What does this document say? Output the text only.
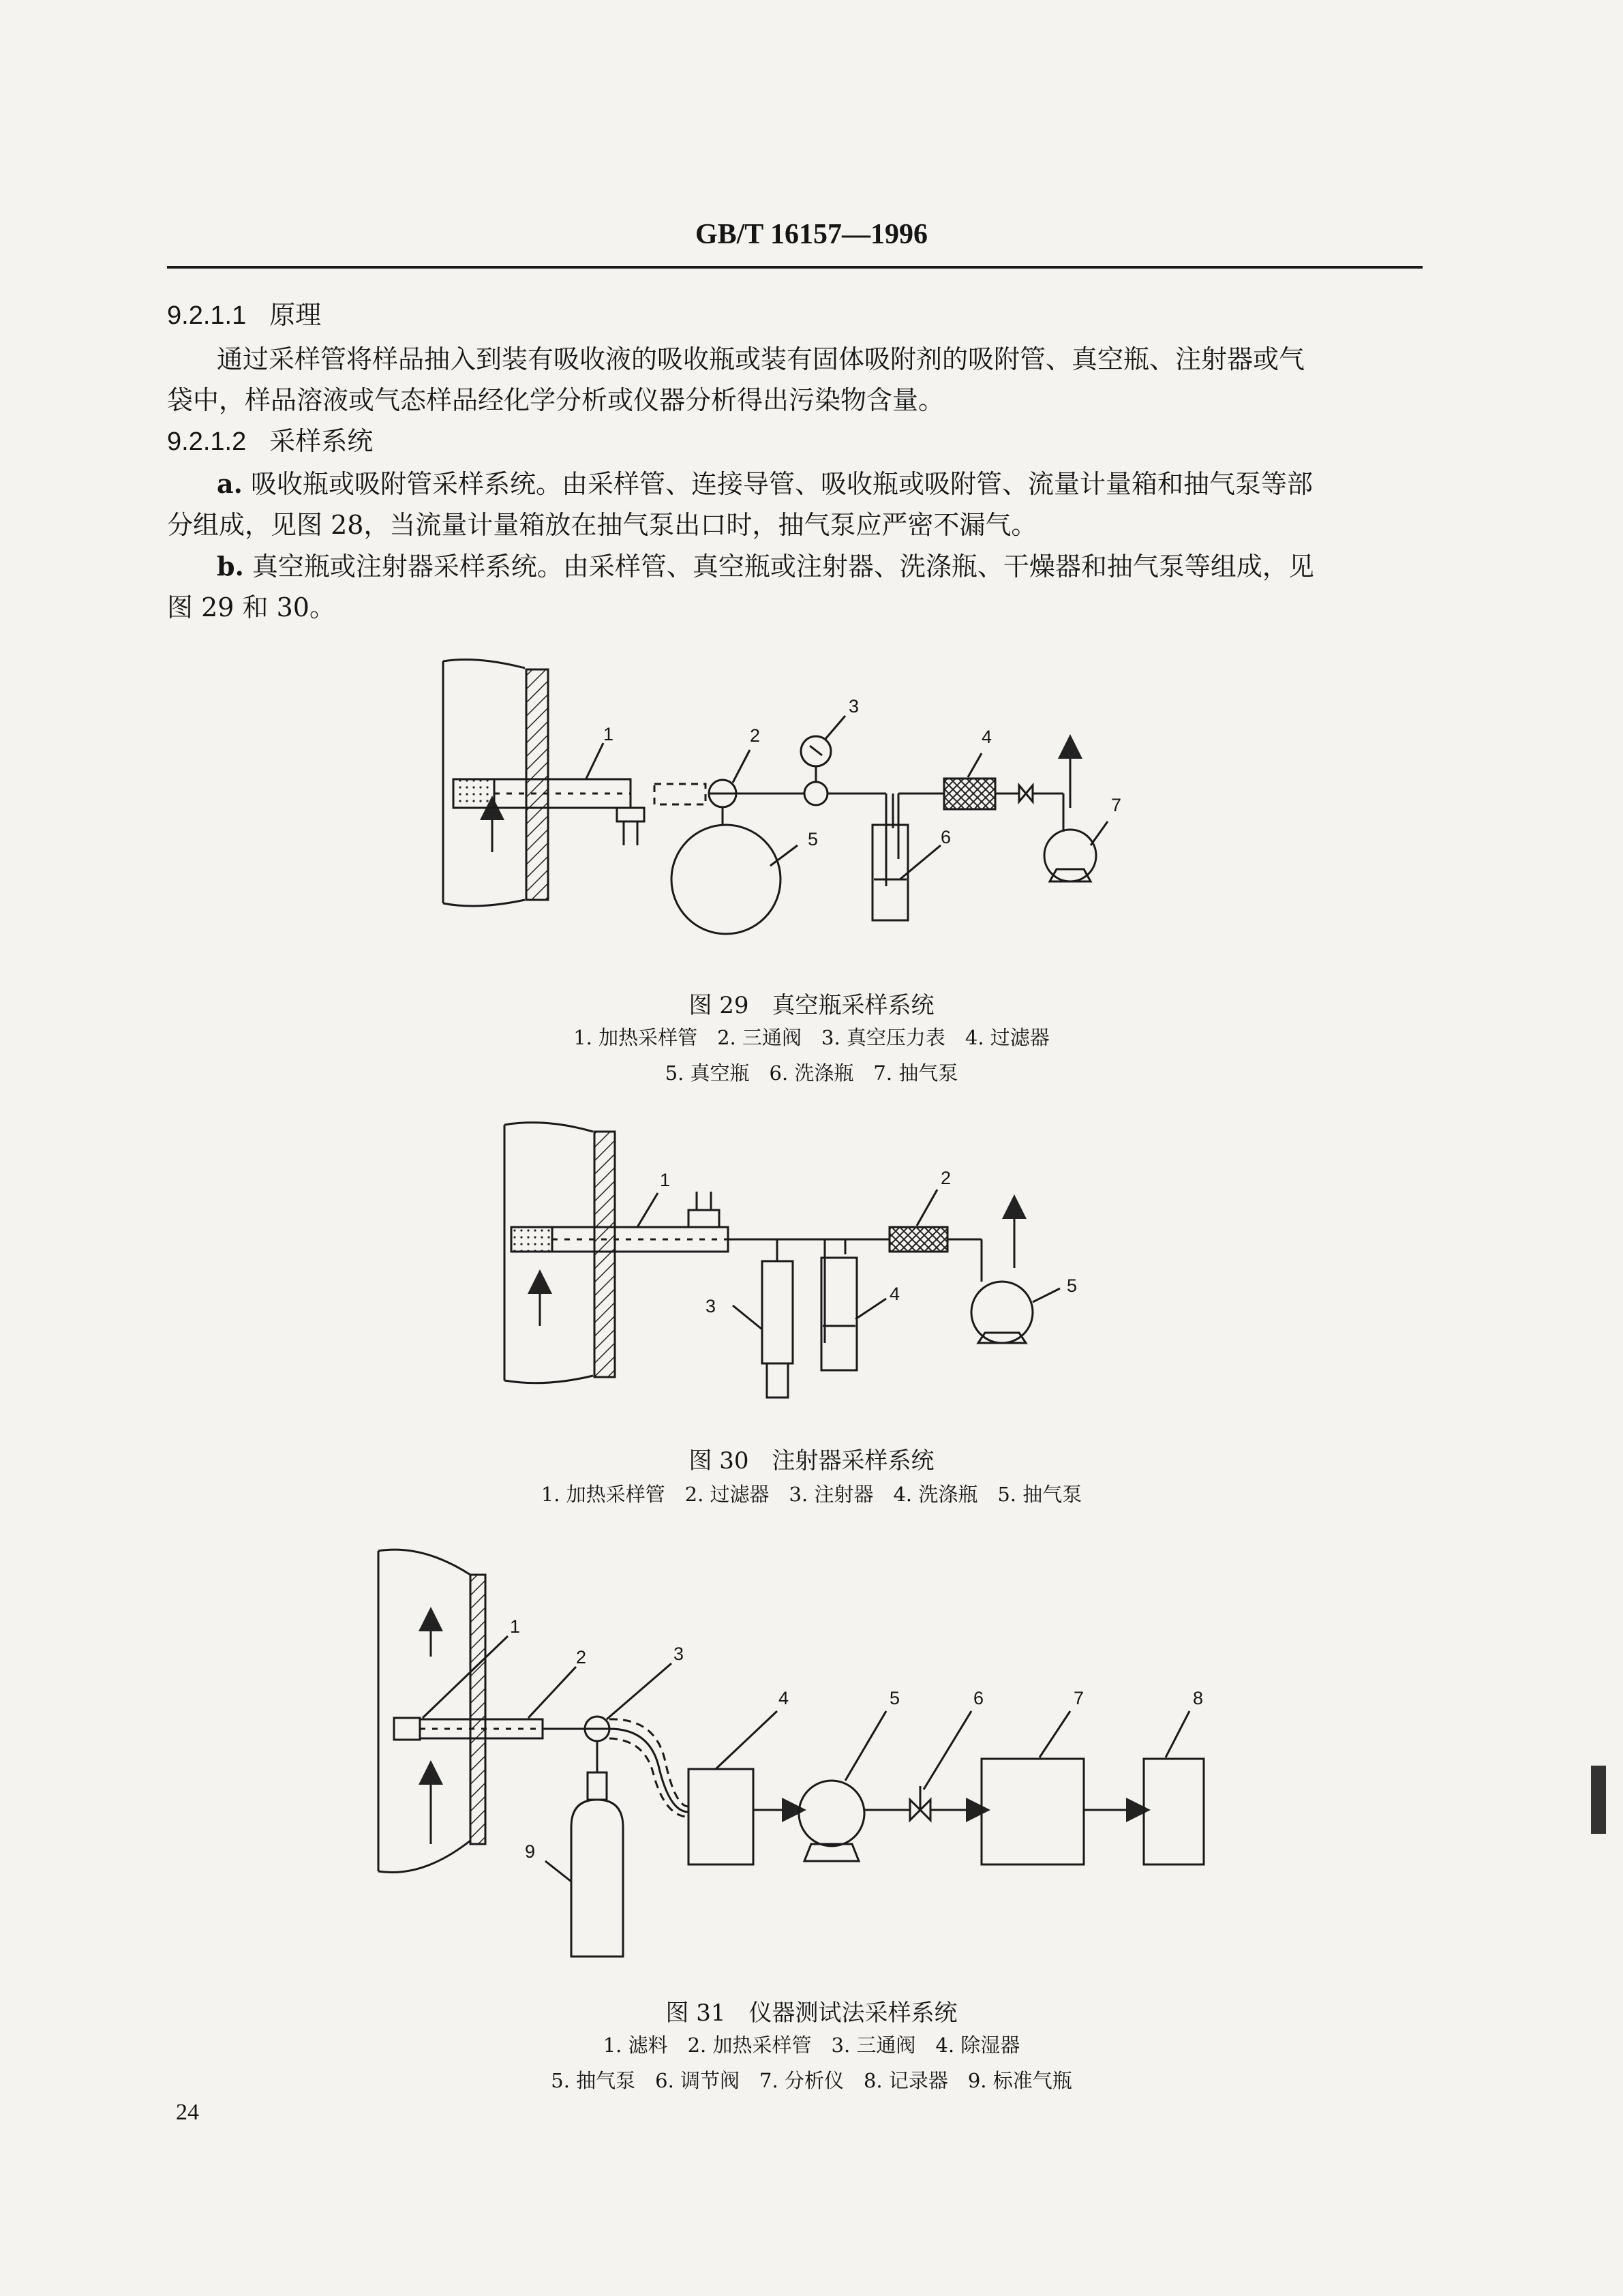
GB/T 16157—1996
9.2.1.1 原理
通过采样管将样品抽入到装有吸收液的吸收瓶或装有固体吸附剂的吸附管、真空瓶、注射器或气
袋中，样品溶液或气态样品经化学分析或仪器分析得出污染物含量。
9.2.1.2 采样系统
a. 吸收瓶或吸附管采样系统。由采样管、连接导管、吸收瓶或吸附管、流量计量箱和抽气泵等部
分组成，见图 28，当流量计量箱放在抽气泵出口时，抽气泵应严密不漏气。
b. 真空瓶或注射器采样系统。由采样管、真空瓶或注射器、洗涤瓶、干燥器和抽气泵等组成，见
图 29 和 30。
1	2
3
4
5	6
7
图 29　真空瓶采样系统
1. 加热采样管　2. 三通阀　3. 真空压力表　4. 过滤器
5. 真空瓶　6. 洗涤瓶　7. 抽气泵
1	2
3
4	5
图 30　注射器采样系统
1. 加热采样管　2. 过滤器　3. 注射器　4. 洗涤瓶　5. 抽气泵
1
2	3
4	5	6	7	8
9
图 31　仪器测试法采样系统
1. 滤料　2. 加热采样管　3. 三通阀　4. 除湿器
5. 抽气泵　6. 调节阀　7. 分析仪　8. 记录器　9. 标准气瓶
24
